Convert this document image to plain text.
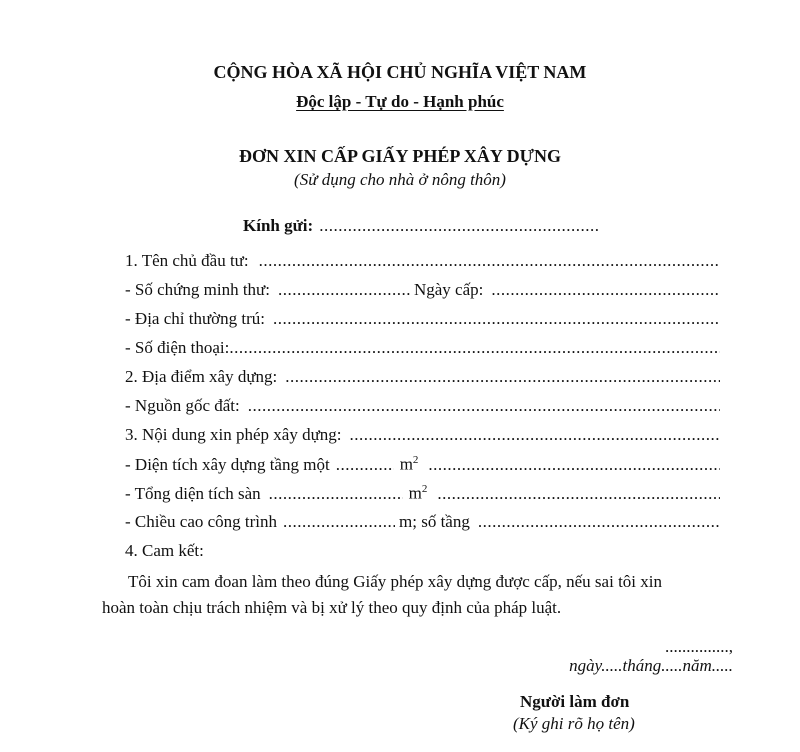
CỘNG HÒA XÃ HỘI CHỦ NGHĨA VIỆT NAM
Độc lập - Tự do - Hạnh phúc
ĐƠN XIN CẤP GIẤY PHÉP XÂY DỰNG
(Sử dụng cho nhà ở nông thôn)
Kính gửi:
.....
1. Tên chủ đầu tư:
.....
- Số chứng minh thư: .....	Ngày cấp:
.....
- Địa chỉ thường trú:
.....
- Số điện thoại:
.....
2. Địa điểm xây dựng:
.....
- Nguồn gốc đất:
.....
3. Nội dung xin phép xây dựng:
.....
- Diện tích xây dựng tầng một .....	$m^2$
.....
- Tổng diện tích sàn .....	$m^2$
.....
- Chiều cao công trình .....	m; số tầng
.....
4. Cam kết:
Tôi xin cam đoan làm theo đúng Giấy phép xây dựng được cấp, nếu sai tôi xin
hoàn toàn chịu trách nhiệm và bị xử lý theo quy định của pháp luật.
...............,
ngày.....tháng.....năm.....
Người làm đơn
(Ký ghi rõ họ tên)
